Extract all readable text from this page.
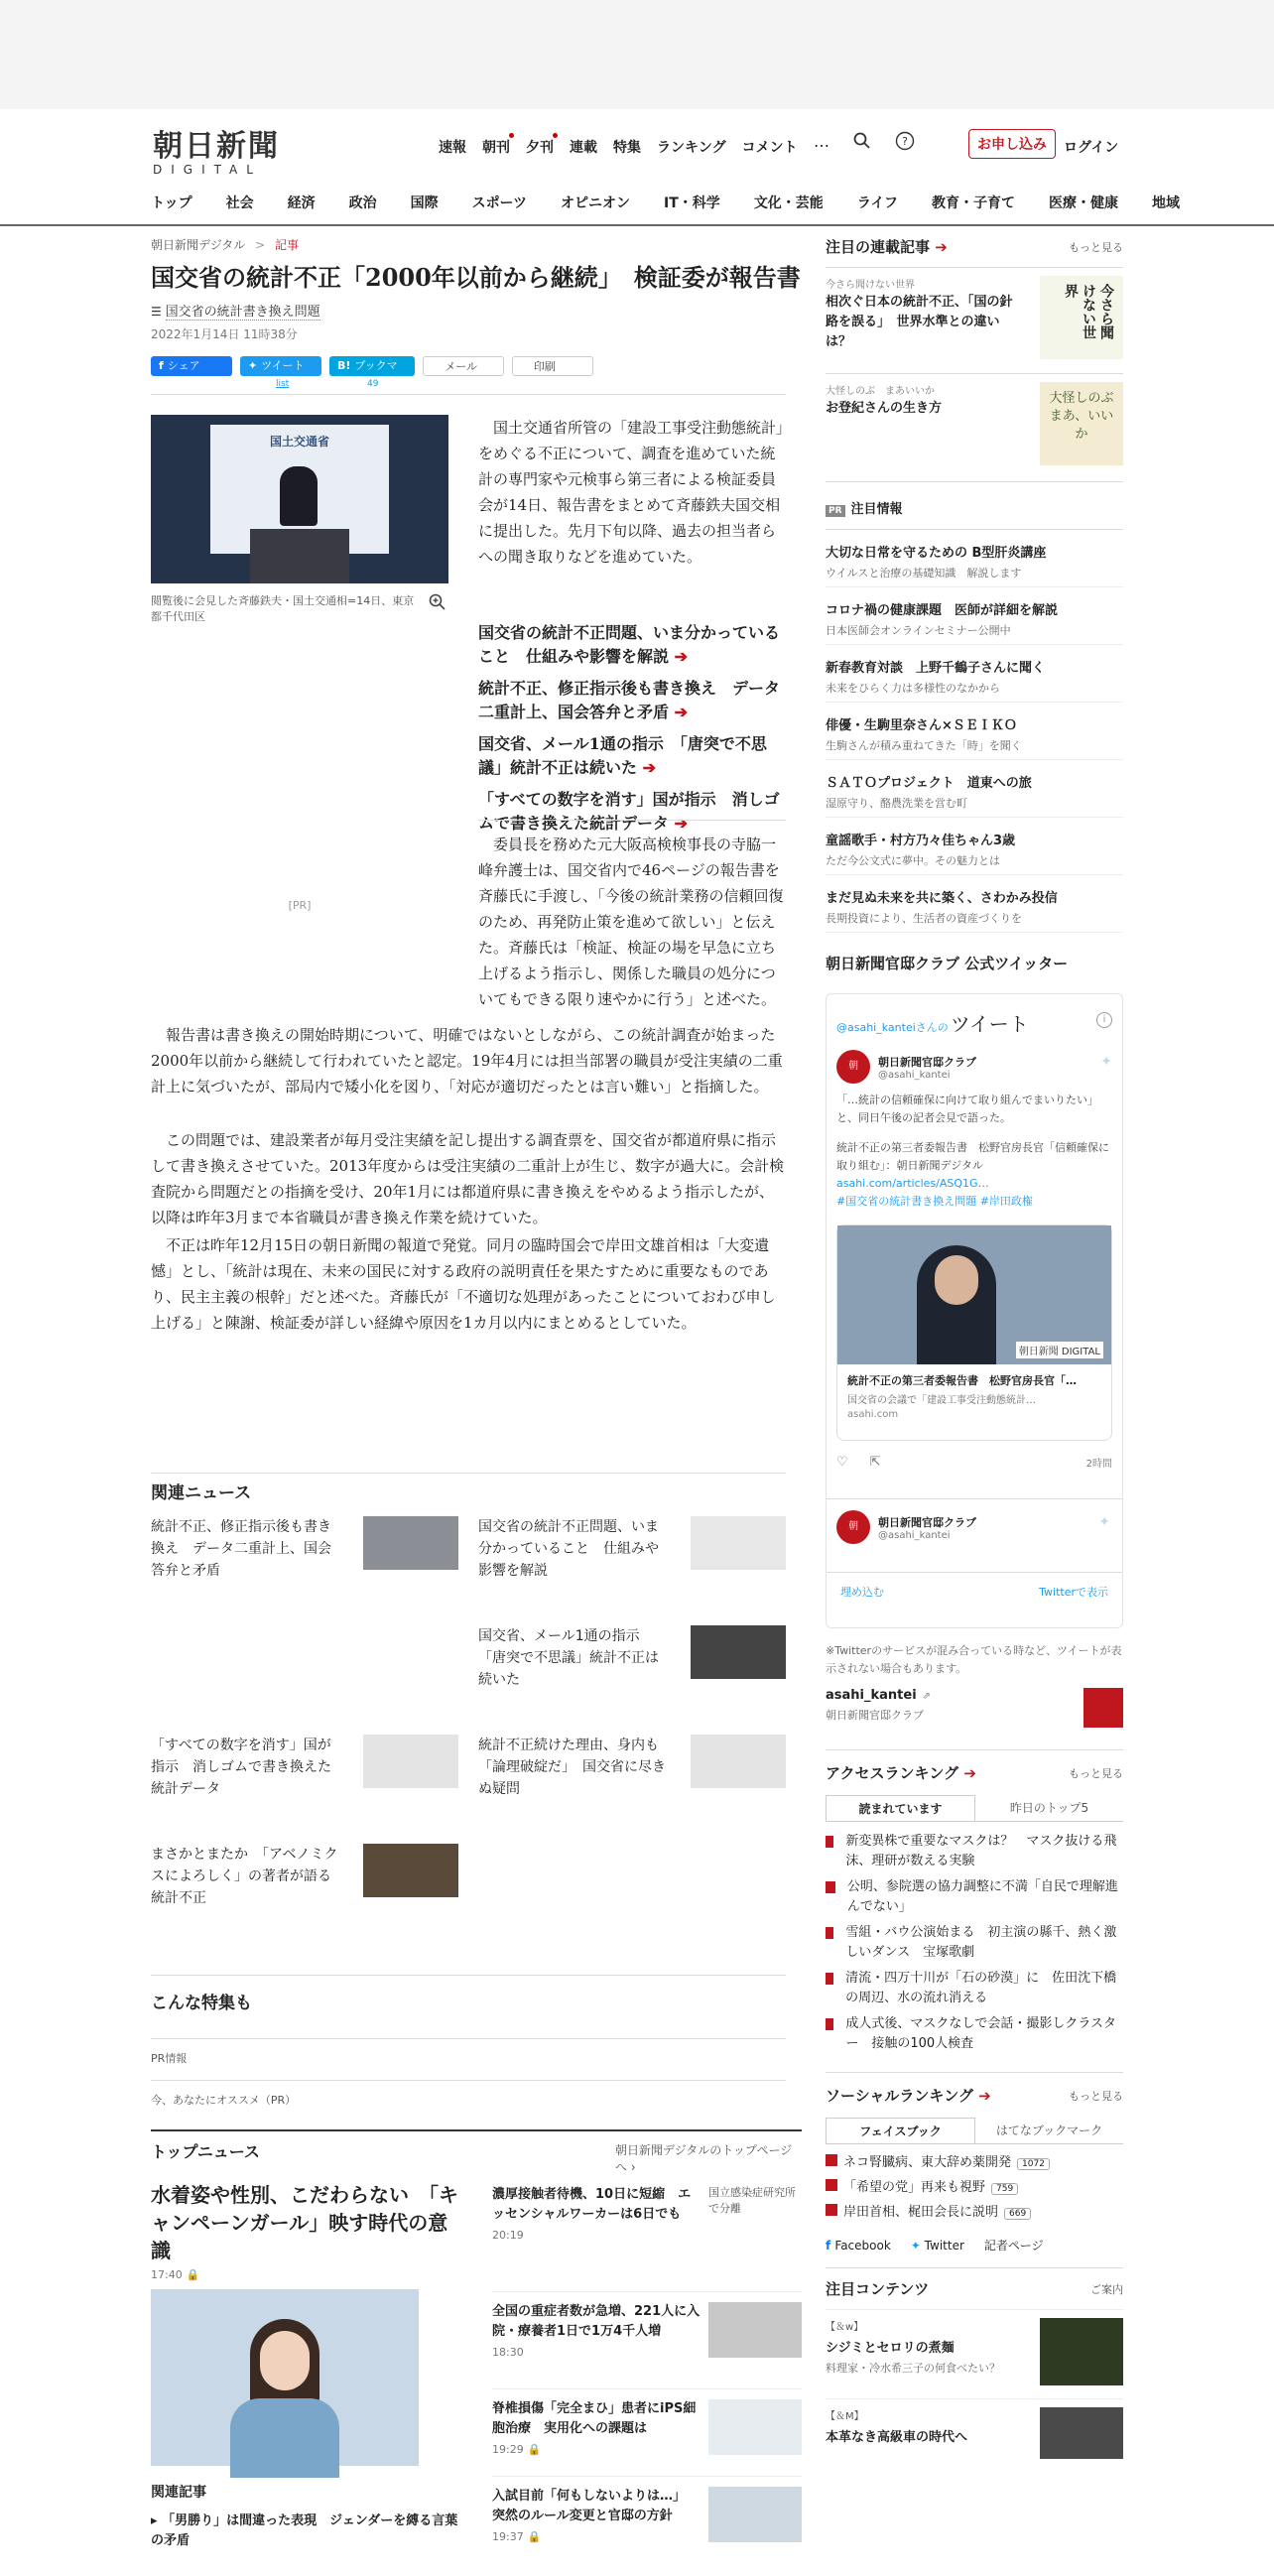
朝日新聞
DIGITAL
速報 朝刊 夕刊 連載 特集 ランキング コメント …	?	お申し込み	ログイン
トップ 社会 経済 政治 国際 スポーツ オピニオン IT・科学 文化・芸能 ライフ 教育・子育て 医療・健康 地域
朝日新聞デジタル > 記事
国交省の統計不正「2000年以前から継続」　検証委が報告書
☰ 国交省の統計書き換え問題
2022年1月14日 11時38分
f シェア	✦ ツイート
list
B! ブックマーク 49
✉ メール	⎙ 印刷
国土交通省
閲覧後に会見した斉藤鉄夫・国土交通相=14日、東京都千代田区
国土交通省所管の「建設工事受注動態統計」をめぐる不正について、調査を進めていた統計の専門家や元検事ら第三者による検証委員会が14日、報告書をまとめて斉藤鉄夫国交相に提出した。先月下旬以降、過去の担当者らへの聞き取りなどを進めていた。
国交省の統計不正問題、いま分かっていること　仕組みや影響を解説 ➔
統計不正、修正指示後も書き換え　データ二重計上、国会答弁と矛盾 ➔
国交省、メール1通の指示　「唐突で不思議」統計不正は続いた ➔
「すべての数字を消す」国が指示　消しゴムで書き換えた統計データ ➔
[PR]
委員長を務めた元大阪高検検事長の寺脇一峰弁護士は、国交省内で46ページの報告書を斉藤氏に手渡し、「今後の統計業務の信頼回復のため、再発防止策を進めて欲しい」と伝えた。斉藤氏は「検証、検証の場を早急に立ち上げるよう指示し、関係した職員の処分についてもできる限り速やかに行う」と述べた。
報告書は書き換えの開始時期について、明確ではないとしながら、この統計調査が始まった2000年以前から継続して行われていたと認定。19年4月には担当部署の職員が受注実績の二重計上に気づいたが、部局内で矮小化を図り、「対応が適切だったとは言い難い」と指摘した。
この問題では、建設業者が毎月受注実績を記し提出する調査票を、国交省が都道府県に指示して書き換えさせていた。2013年度からは受注実績の二重計上が生じ、数字が過大に。会計検査院から問題だとの指摘を受け、20年1月には都道府県に書き換えをやめるよう指示したが、以降は昨年3月まで本省職員が書き換え作業を続けていた。
不正は昨年12月15日の朝日新聞の報道で発覚。同月の臨時国会で岸田文雄首相は「大変遺憾」とし、「統計は現在、未来の国民に対する政府の説明責任を果たすために重要なものであり、民主主義の根幹」だと述べた。斉藤氏が「不適切な処理があったことについておわび申し上げる」と陳謝、検証委が詳しい経緯や原因を1カ月以内にまとめるとしていた。
関連ニュース
統計不正、修正指示後も書き換え　データ二重計上、国会答弁と矛盾
国交省の統計不正問題、いま分かっていること　仕組みや影響を解説
国交省、メール1通の指示「唐突で不思議」統計不正は続いた
「すべての数字を消す」国が指示　消しゴムで書き換えた統計データ
統計不正続けた理由、身内も「論理破綻だ」　国交省に尽きぬ疑問
まさかとまたか　「アベノミクスによろしく」の著者が語る統計不正
こんな特集も
PR情報
今、あなたにオススメ（PR）
トップニュース	朝日新聞デジタルのトップページへ ›
水着姿や性別、こだわらない　「キャンペーンガール」映す時代の意識
17:40 🔒
関連記事
▸ 「男勝り」は間違った表現　ジェンダーを縛る言葉の矛盾
濃厚接触者待機、10日に短縮　エッセンシャルワーカーは6日でも
20:19
国立感染症研究所で分離
全国の重症者数が急増、221人に入院・療養者1日で1万4千人増
18:30
脊椎損傷「完全まひ」患者にiPS細胞治療　実用化への課題は
19:29 🔒
入試目前「何もしないよりは…」　突然のルール変更と官邸の方針
19:37 🔒
注目の連載記事 ➔	もっと見る
今さら聞けない世界
相次ぐ日本の統計不正、「国の針路を誤る」　世界水準との違いは？
今さら聞けない世界
大怪しのぶ　まあいいか
お登紀さんの生き方
大怪しのぶ まあ、いいか
PR 注目情報
大切な日常を守るための B型肝炎講座
ウイルスと治療の基礎知識　解説します
コロナ禍の健康課題　医師が詳細を解説
日本医師会オンラインセミナー公開中
新春教育対談　上野千鶴子さんに聞く
未来をひらく力は多様性のなかから
俳優・生駒里奈さん×ＳＥＩＫＯ
生駒さんが積み重ねてきた「時」を聞く
ＳＡＴＯプロジェクト　道東への旅
湿原守り、酪農洗業を営む町
童謡歌手・村方乃々佳ちゃん3歳
ただ今公文式に夢中。その魅力とは
まだ見ぬ未来を共に築く、さわかみ投信
長期投資により、生活者の資産づくりを
朝日新聞官邸クラブ 公式ツイッター
@asahi_kanteiさんの ツイート	i
朝	朝日新聞官邸クラブ
@asahi_kantei
✦
「…統計の信頼確保に向けて取り組んでまいりたい」と、同日午後の記者会見で語った。
統計不正の第三者委報告書　松野官房長官「信頼確保に取り組む」：朝日新聞デジタル
asahi.com/articles/ASQ1G…
#国交省の統計書き換え問題 #岸田政権
朝日新聞 DIGITAL
統計不正の第三者委報告書　松野官房長官「…
国交省の会議で「建設工事受注動態統計…
asahi.com
♡ ⇱	2時間
朝	朝日新聞官邸クラブ
@asahi_kantei
✦
埋め込む	Twitterで表示
※Twitterのサービスが混み合っている時など、ツイートが表示されない場合もあります。
asahi_kantei ⇗
朝日新聞官邸クラブ
アクセスランキング ➔	もっと見る
読まれています	昨日のトップ5
新変異株で重要なマスクは？　マスク抜ける飛沫、理研が数える実験
公明、参院選の協力調整に不満「自民で理解進んでない」
雪組・バウ公演始まる　初主演の縣千、熱く激しいダンス　宝塚歌劇
清流・四万十川が「石の砂漠」に　佐田沈下橋の周辺、水の流れ消える
成人式後、マスクなしで会話・撮影しクラスター　接触の100人検査
ソーシャルランキング ➔	もっと見る
フェイスブック	はてなブックマーク
ネコ腎臓病、東大辞め薬開発 1072
「希望の党」再来も視野 759
岸田首相、梶田会長に説明 669
f Facebook ✦ Twitter 記者ページ
注目コンテンツ	ご案内
【＆w】
シジミとセロリの煮麺
料理家・冷水希三子の何食べたい？
【＆M】
本革なき高級車の時代へ
